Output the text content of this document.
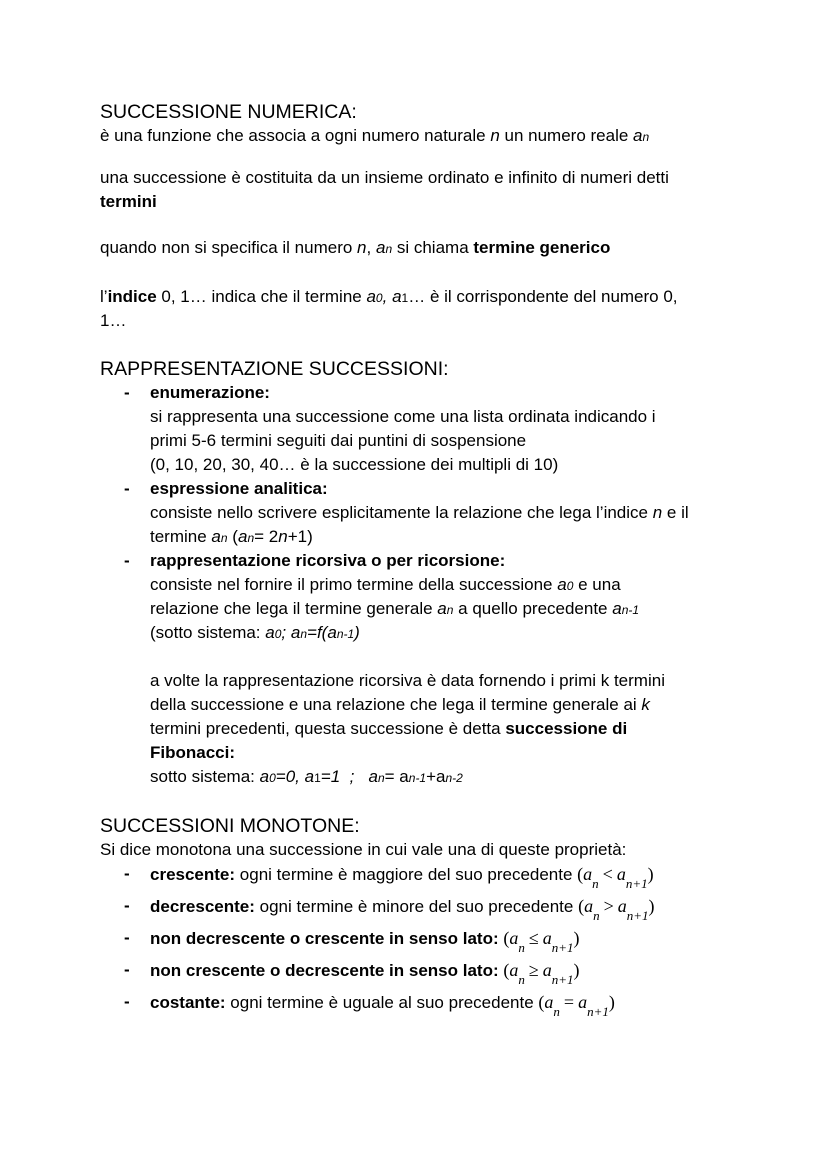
SUCCESSIONE NUMERICA:
è una funzione che associa a ogni numero naturale n un numero reale an
una successione è costituita da un insieme ordinato e infinito di numeri detti
termini
quando non si specifica il numero n, an si chiama termine generico
l’indice 0, 1… indica che il termine a0, a1… è il corrispondente del numero 0,
1…
RAPPRESENTAZIONE SUCCESSIONI:
- enumerazione:
si rappresenta una successione come una lista ordinata indicando i
primi 5-6 termini seguiti dai puntini di sospensione
(0, 10, 20, 30, 40… è la successione dei multipli di 10)
- espressione analitica:
consiste nello scrivere esplicitamente la relazione che lega l’indice n e il
termine an (an= 2n+1)
- rappresentazione ricorsiva o per ricorsione:
consiste nel fornire il primo termine della successione a0 e una
relazione che lega il termine generale an a quello precedente an-1
(sotto sistema: a0; an=f(an-1)
a volte la rappresentazione ricorsiva è data fornendo i primi k termini
della successione e una relazione che lega il termine generale ai k
termini precedenti, questa successione è detta successione di
Fibonacci:
sotto sistema: a0=0, a1=1  ;   an= an-1+an-2
SUCCESSIONI MONOTONE:
Si dice monotona una successione in cui vale una di queste proprietà:
- crescente: ogni termine è maggiore del suo precedente $(a_n < a_{n+1})$
- decrescente: ogni termine è minore del suo precedente $(a_n > a_{n+1})$
- non decrescente o crescente in senso lato: $(a_n \le a_{n+1})$
- non crescente o decrescente in senso lato: $(a_n \ge a_{n+1})$
- costante: ogni termine è uguale al suo precedente $(a_n = a_{n+1})$
